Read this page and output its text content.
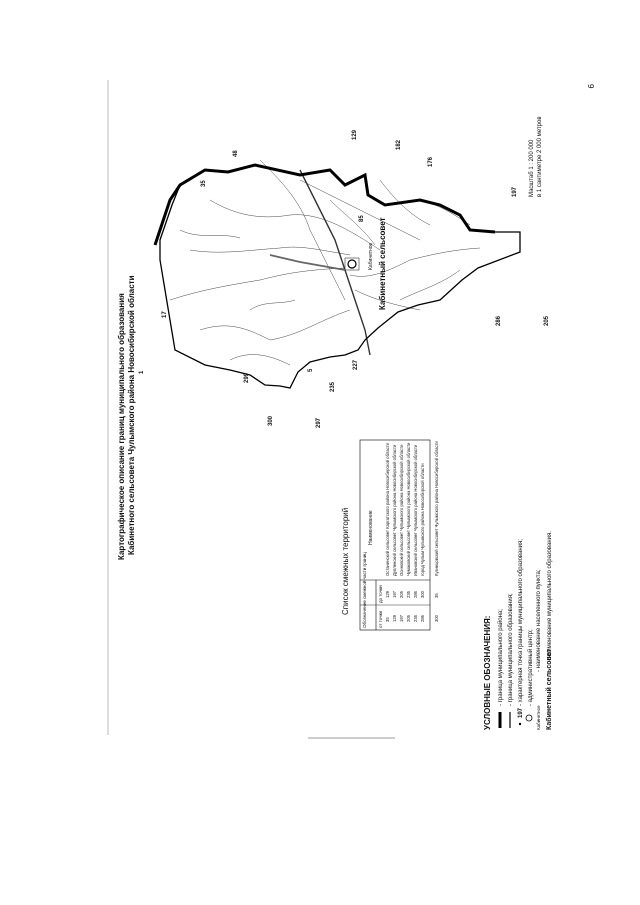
9
Картографическое описание границ муниципального образования Кабинетного сельсовета Чулымского района Новосибирской области
Кабинетное Кабинетный сельсовет
1
17
35
48
129
182
176
197
85
205
286
227
235
297
300
299
5
Масштаб 1 : 200 000 в 1 сантиметре 2 000 метров
Список смежных территорий	Обозначение смежной части границ от точки
до точки
Наименование
35
129
Останинский сельсовет Каргатского района Новосибирской области
129
197
Дупленский сельсовет Чулымского района Новосибирской области
197
205
Осиновский сельсовет Чулымского района Новосибирской области
205
235
Чумаковский сельсовет Чулымского района Новосибирской области
235
286
Ивановский сельсовет Чулымского района Новосибирской области
286
300
город Чулым Чулымского района Новосибирской области
300
35
Кузнецовский сельсовет Чулымского района Новосибирской области
УСЛОВНЫЕ ОБОЗНАЧЕНИЯ: - граница муниципального района; - граница муниципального образования;
197
- характерная точка границы муниципального образования; - административный центр;
Кабинетное
- наименование населенного пункта;
Кабинетный сельсовет
- наименование муниципального образования.
